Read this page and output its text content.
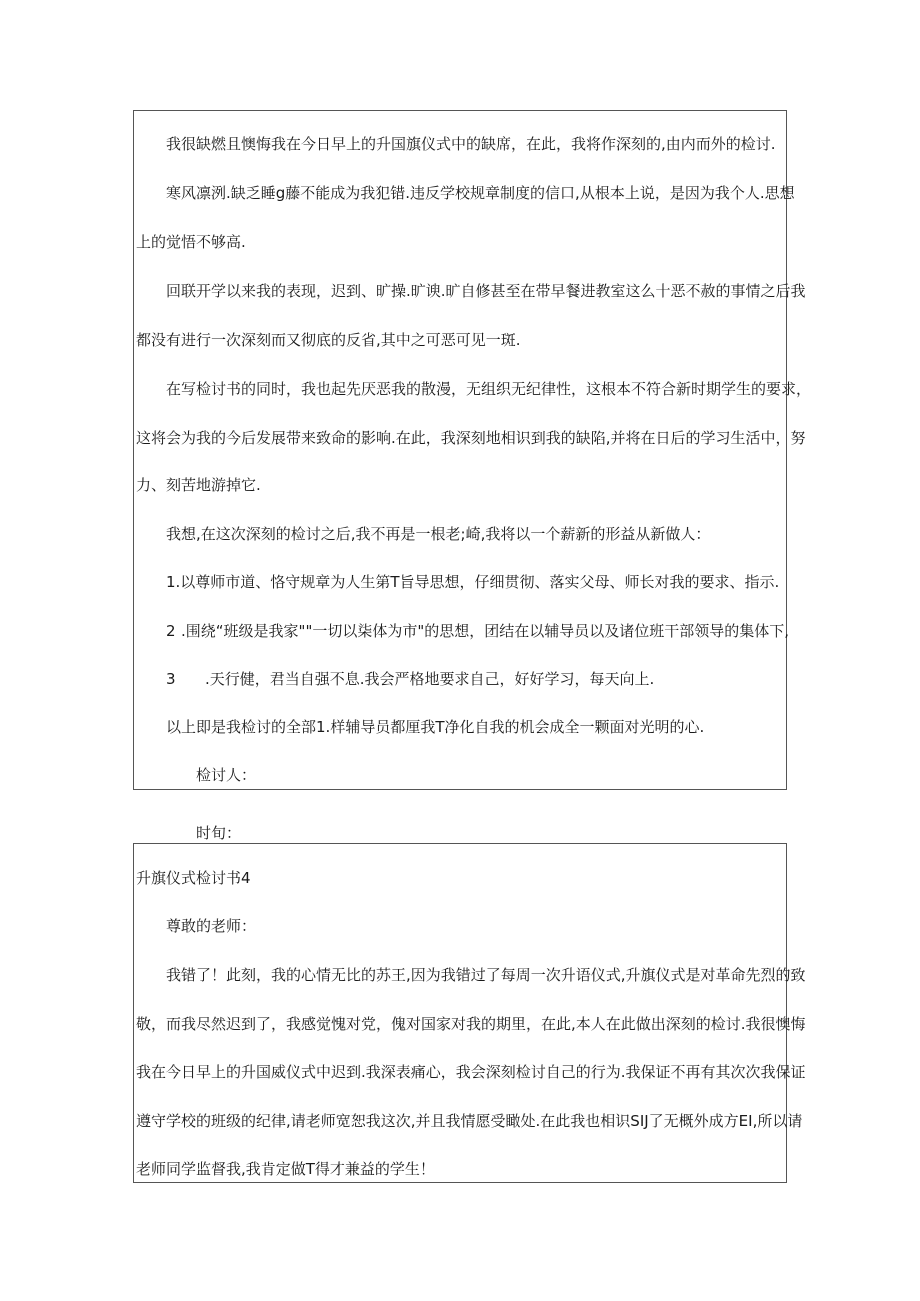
我很缺燃且懊悔我在今日早上的升国旗仪式中的缺席，在此，我将作深刻的,由内而外的检讨.

寒风凛洌.缺乏睡g藤不能成为我犯错.违反学校规章制度的信口,从根本上说，是因为我个人.思想

上的觉悟不够高.

回联开学以来我的表现，迟到、旷操.旷谀.旷自修甚至在带早餐进教室这么十恶不赦的事情之后我

都没有进行一次深刻而又彻底的反省,其中之可恶可见一斑.

在写检讨书的同时，我也起先厌恶我的散漫，无组织无纪律性，这根本不符合新时期学生的要求，

这将会为我的今后发展带来致命的影响.在此，我深刻地相识到我的缺陷,并将在日后的学习生活中，努

力、刻苦地游掉它.

我想,在这次深刻的检讨之后,我不再是一根老;崎,我将以一个薪新的形益从新做人：

1.以尊师市道、恪守规章为人生第T旨导思想，仔细贯彻、落实父母、师长对我的要求、指示.

2 .围绕“班级是我家""一切以柒体为市"的思想，团结在以辅导员以及诸位班干部领导的集体下,
3 .天行健，君当自强不息.我会严格地要求自己，好好学习，每天向上.

以上即是我检讨的全部1.样辅导员都厘我T净化自我的机会成全一颗面对光明的心.

检讨人：

时旬：

升旗仪式检讨书4

尊敢的老师：

我错了！此刻，我的心情无比的苏王,因为我错过了每周一次升语仪式,升旗仪式是对革命先烈的致

敬，而我尽然迟到了，我感觉愧对党，傀对国家对我的期里，在此,本人在此做出深刻的检讨.我很懊悔

我在今日早上的升国威仪式中迟到.我深表痛心，我会深刻检讨自己的行为.我保证不再有其次次我保证

遵守学校的班级的纪律,请老师宽恕我这次,并且我情愿受瞰处.在此我也相识SIJ了无概外成方EI,所以请

老师同学监督我,我肯定做T得才兼益的学生！
